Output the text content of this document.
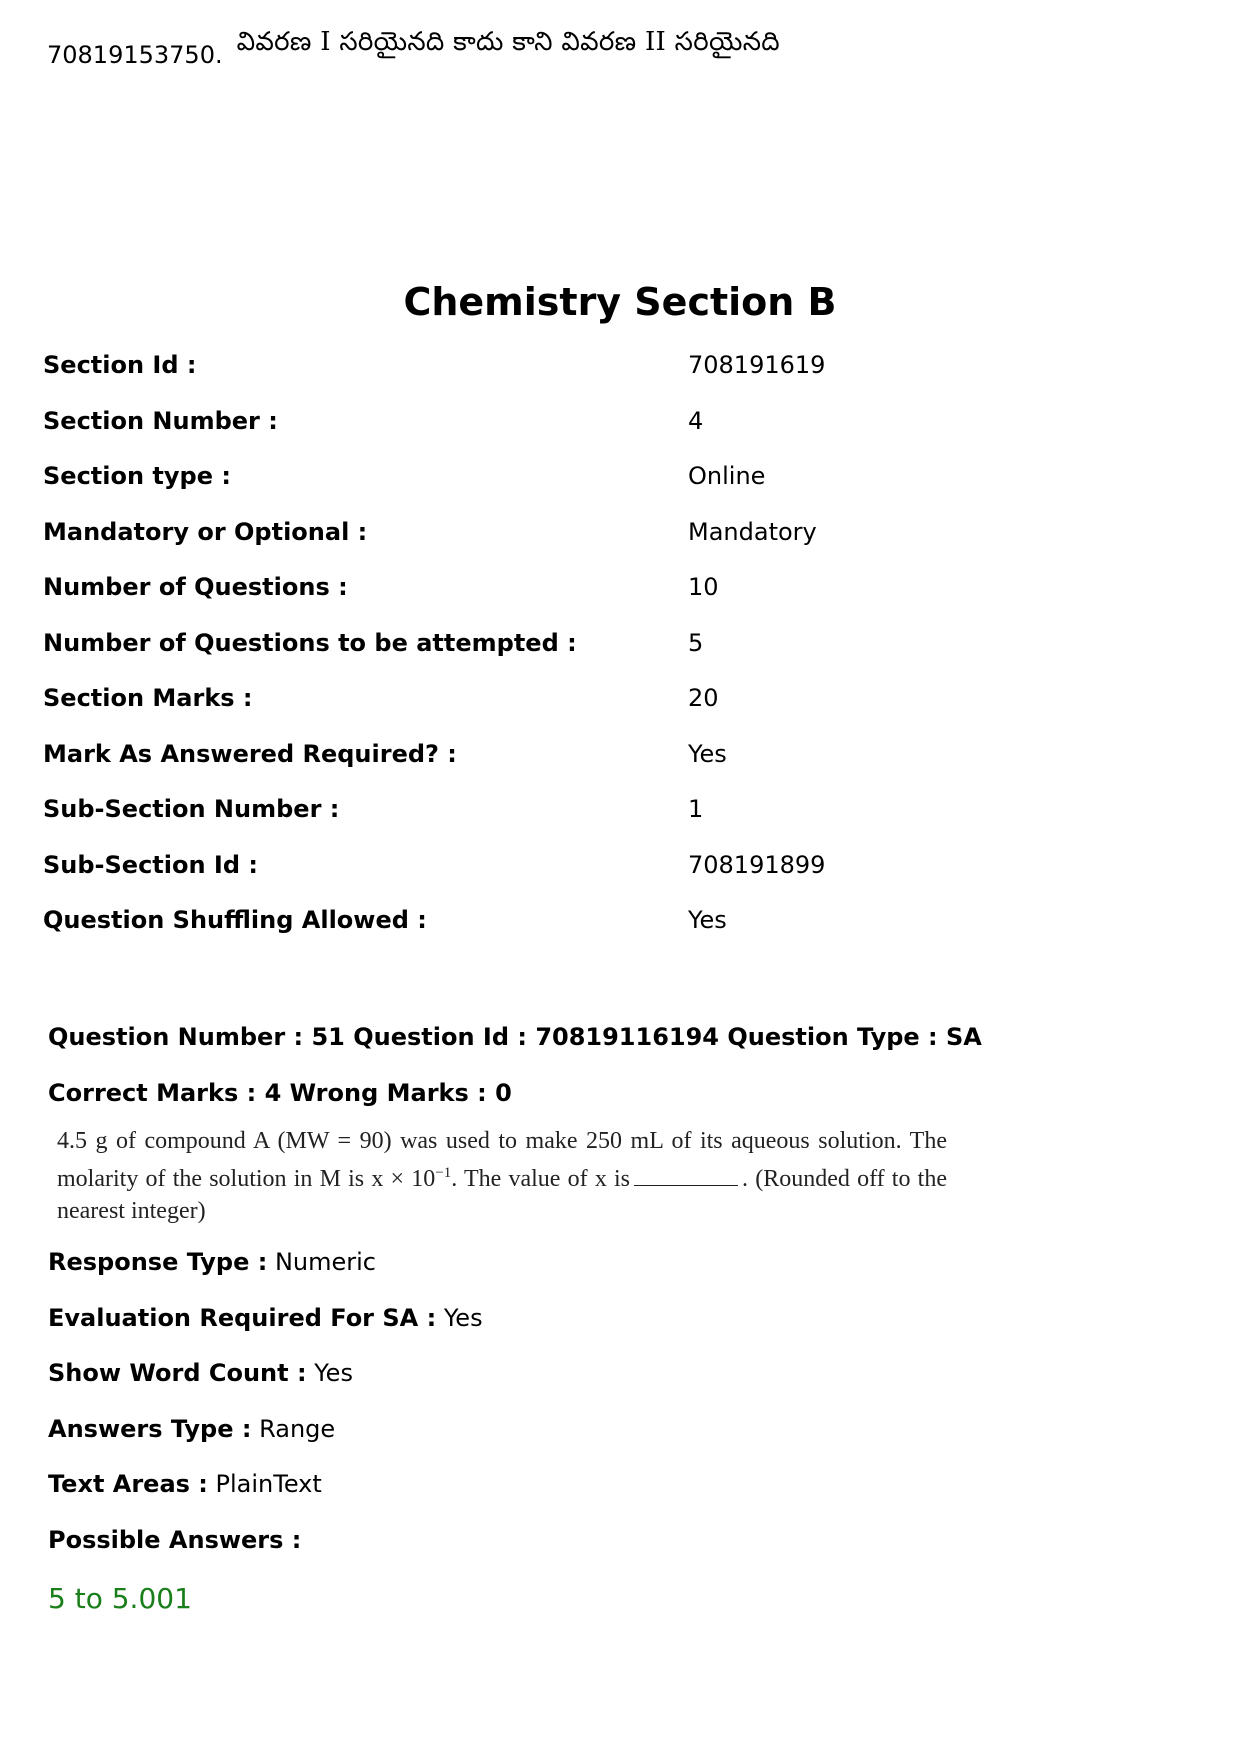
70819153750. వివరణ I సరియైనది కాదు కాని వివరణ II సరియైనది
Chemistry Section B
Section Id :	708191619
Section Number :	4
Section type :	Online
Mandatory or Optional :	Mandatory
Number of Questions :	10
Number of Questions to be attempted :	5
Section Marks :	20
Mark As Answered Required? :	Yes
Sub-Section Number :	1
Sub-Section Id :	708191899
Question Shuffling Allowed :	Yes
Question Number : 51 Question Id : 70819116194 Question Type : SA
Correct Marks : 4 Wrong Marks : 0
4.5 g of compound A (MW = 90) was used to make 250 mL of its aqueous solution. The molarity of the solution in M is $x \times 10^{-1}$. The value of x is	. (Rounded off to the nearest integer)
Response Type : Numeric
Evaluation Required For SA : Yes
Show Word Count : Yes
Answers Type : Range
Text Areas : PlainText
Possible Answers :
5 to 5.001
